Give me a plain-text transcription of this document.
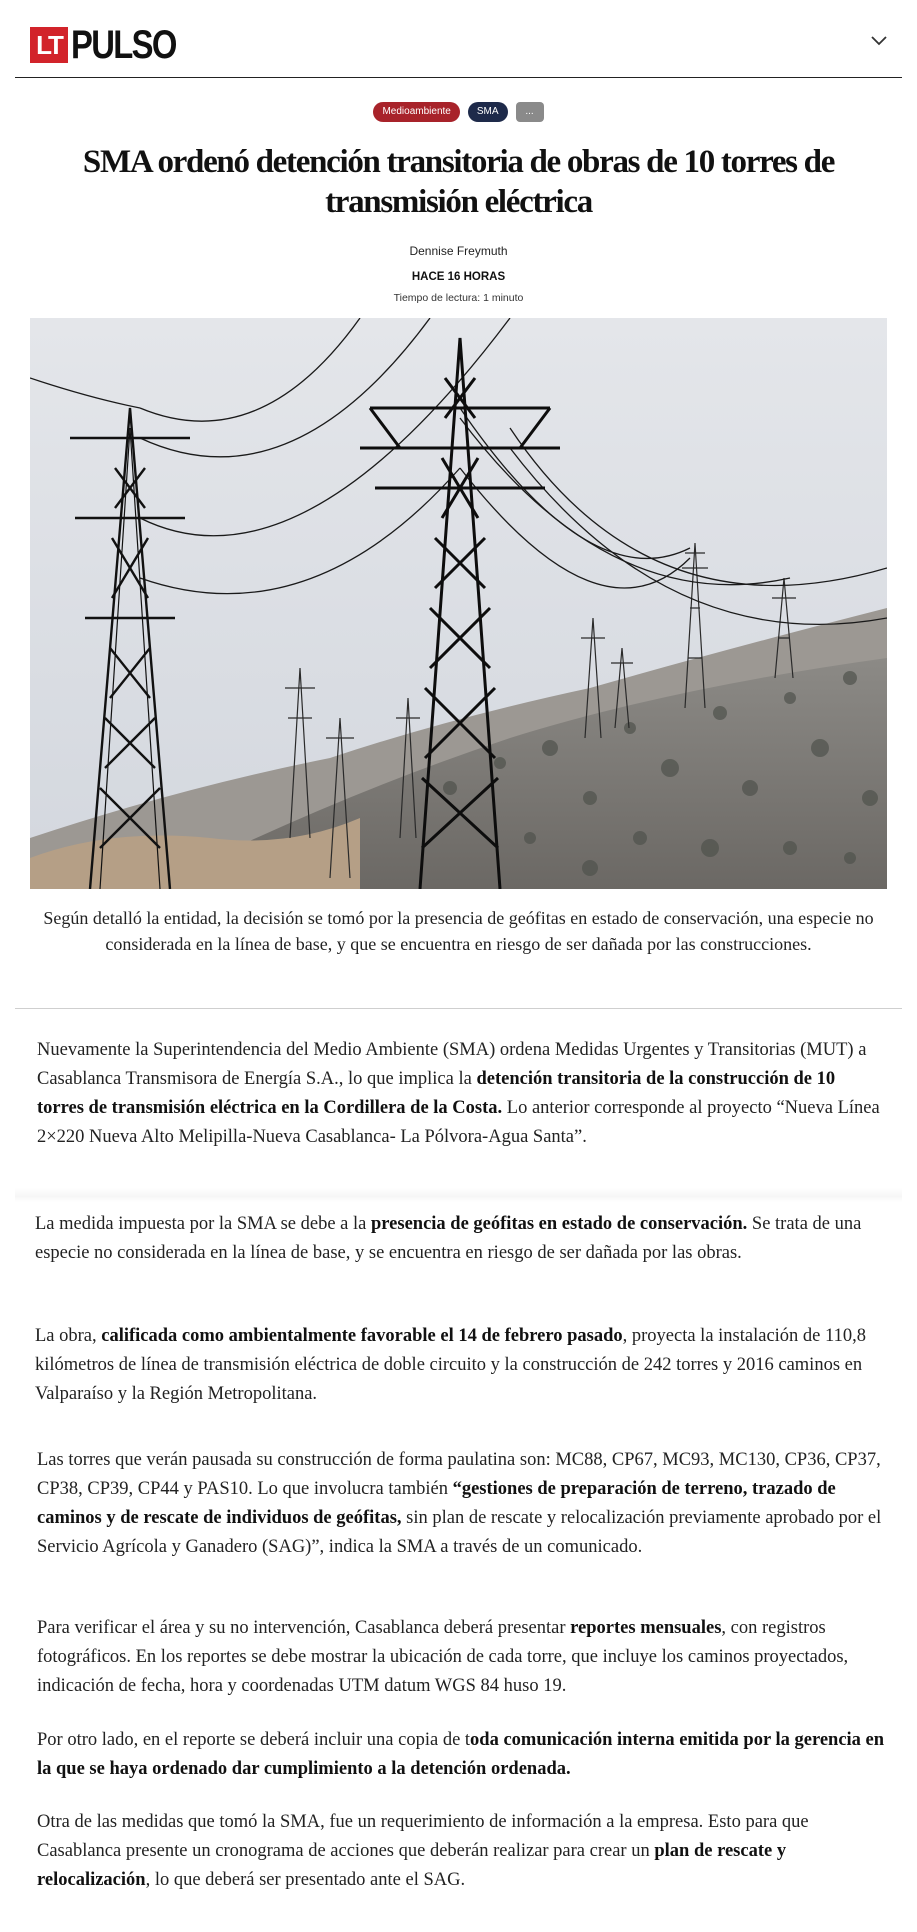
LT PULSO
Medioambiente	SMA	...
SMA ordenó detención transitoria de obras de 10 torres de transmisión eléctrica
Dennise Freymuth
HACE 16 HORAS
Tiempo de lectura: 1 minuto

Según detalló la entidad, la decisión se tomó por la presencia de geófitas en estado de conservación, una especie no considerada en la línea de base, y que se encuentra en riesgo de ser dañada por las construcciones.

Nuevamente la Superintendencia del Medio Ambiente (SMA) ordena Medidas Urgentes y Transitorias (MUT) a Casablanca Transmisora de Energía S.A., lo que implica la detención transitoria de la construcción de 10 torres de transmisión eléctrica en la Cordillera de la Costa. Lo anterior corresponde al proyecto “Nueva Línea 2×220 Nueva Alto Melipilla-Nueva Casablanca- La Pólvora-Agua Santa”.

La medida impuesta por la SMA se debe a la presencia de geófitas en estado de conservación. Se trata de una especie no considerada en la línea de base, y se encuentra en riesgo de ser dañada por las obras.

La obra, calificada como ambientalmente favorable el 14 de febrero pasado, proyecta la instalación de 110,8 kilómetros de línea de transmisión eléctrica de doble circuito y la construcción de 242 torres y 2016 caminos en Valparaíso y la Región Metropolitana.

Las torres que verán pausada su construcción de forma paulatina son: MC88, CP67, MC93, MC130, CP36, CP37, CP38, CP39, CP44 y PAS10. Lo que involucra también “gestiones de preparación de terreno, trazado de caminos y de rescate de individuos de geófitas, sin plan de rescate y relocalización previamente aprobado por el Servicio Agrícola y Ganadero (SAG)”, indica la SMA a través de un comunicado.

Para verificar el área y su no intervención, Casablanca deberá presentar reportes mensuales, con registros fotográficos. En los reportes se debe mostrar la ubicación de cada torre, que incluye los caminos proyectados, indicación de fecha, hora y coordenadas UTM datum WGS 84 huso 19.

Por otro lado, en el reporte se deberá incluir una copia de toda comunicación interna emitida por la gerencia en la que se haya ordenado dar cumplimiento a la detención ordenada.

Otra de las medidas que tomó la SMA, fue un requerimiento de información a la empresa. Esto para que Casablanca presente un cronograma de acciones que deberán realizar para crear un plan de rescate y relocalización, lo que deberá ser presentado ante el SAG.
